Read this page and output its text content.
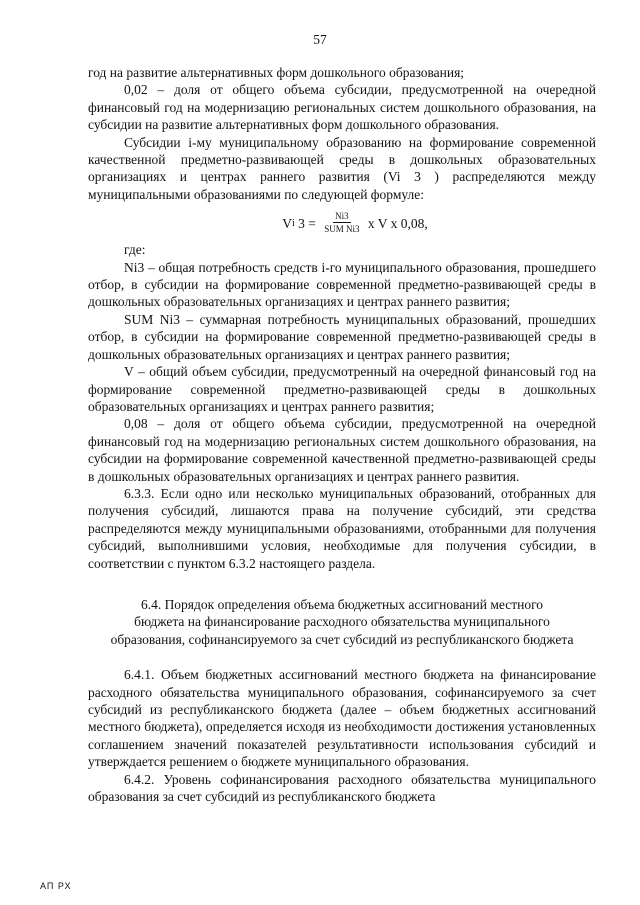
57

год на развитие альтернативных форм дошкольного образования;

0,02 – доля от общего объема субсидии, предусмотренной на очередной финансовый год на модернизацию региональных систем дошкольного образования, на субсидии на развитие альтернативных форм дошкольного образования.

Субсидии i-му муниципальному образованию на формирование современной качественной предметно-развивающей среды в дошкольных образовательных организациях и центрах раннего развития (Vi 3 ) распределяются между муниципальными образованиями по следующей формуле:

V i $3 = \frac{Ni3}{\text{SUM Ni3}}$ x V x 0,08,

где:

Ni3 – общая потребность средств i-го муниципального образования, прошедшего отбор, в субсидии на формирование современной предметно-развивающей среды в дошкольных образовательных организациях и центрах раннего развития;

SUM Ni3 – суммарная потребность муниципальных образований, прошедших отбор, в субсидии на формирование современной предметно-развивающей среды в дошкольных образовательных организациях и центрах раннего развития;

V – общий объем субсидии, предусмотренный на очередной финансовый год на формирование современной предметно-развивающей среды в дошкольных образовательных организациях и центрах раннего развития;

0,08 – доля от общего объема субсидии, предусмотренной на очередной финансовый год на модернизацию региональных систем дошкольного образования, на субсидии на формирование современной качественной предметно-развивающей среды в дошкольных образовательных организациях и центрах раннего развития.

6.3.3. Если одно или несколько муниципальных образований, отобранных для получения субсидий, лишаются права на получение субсидий, эти средства распределяются между муниципальными образованиями, отобранными для получения субсидий, выполнившими условия, необходимые для получения субсидии, в соответствии с пунктом 6.3.2 настоящего раздела.

6.4. Порядок определения объема бюджетных ассигнований местного
бюджета на финансирование расходного обязательства муниципального
образования, софинансируемого за счет субсидий из республиканского бюджета

6.4.1. Объем бюджетных ассигнований местного бюджета на финансирование расходного обязательства муниципального образования, софинансируемого за счет субсидий из республиканского бюджета (далее – объем бюджетных ассигнований местного бюджета), определяется исходя из необходимости достижения установленных соглашением значений показателей результативности использования субсидий и утверждается решением о бюджете муниципального образования.

6.4.2. Уровень софинансирования расходного обязательства муниципального образования за счет субсидий из республиканского бюджета

АП РХ
